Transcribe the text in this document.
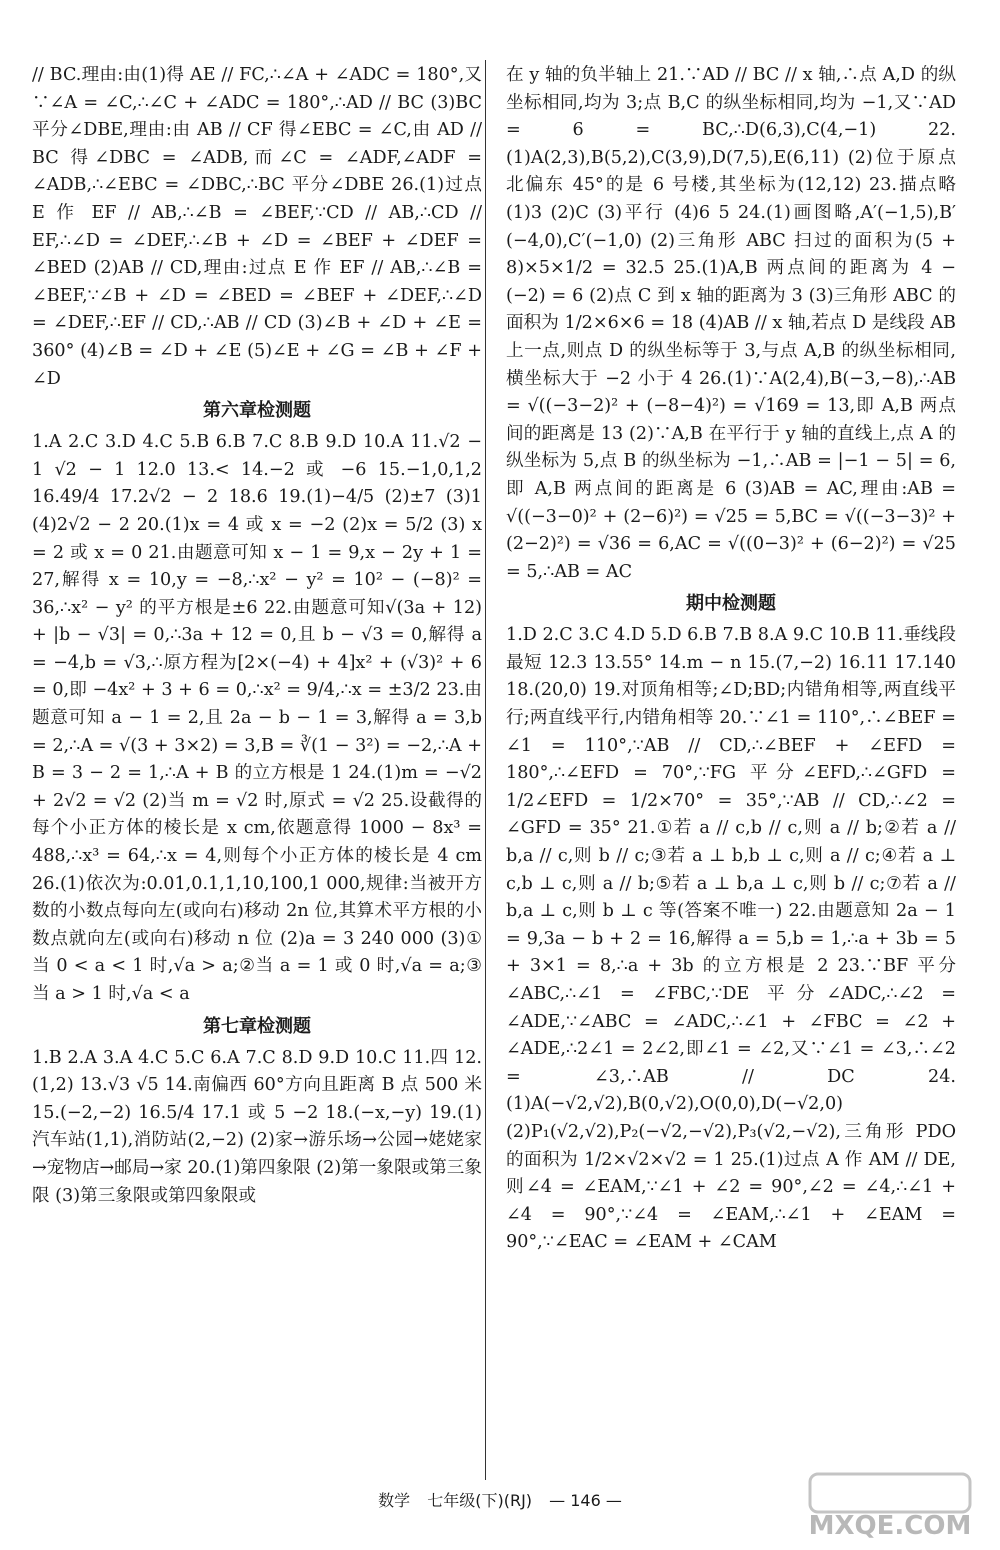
// BC.理由:由(1)得 AE // FC,∴∠A + ∠ADC = 180°,又∵∠A = ∠C,∴∠C + ∠ADC = 180°,∴AD // BC (3)BC 平分∠DBE,理由:由 AB // CF 得∠EBC = ∠C,由 AD // BC 得∠DBC = ∠ADB,而∠C = ∠ADF,∠ADF = ∠ADB,∴∠EBC = ∠DBC,∴BC 平分∠DBE 26.(1)过点 E 作 EF // AB,∴∠B = ∠BEF,∵CD // AB,∴CD // EF,∴∠D = ∠DEF,∴∠B + ∠D = ∠BEF + ∠DEF = ∠BED (2)AB // CD,理由:过点 E 作 EF // AB,∴∠B = ∠BEF,∵∠B + ∠D = ∠BED = ∠BEF + ∠DEF,∴∠D = ∠DEF,∴EF // CD,∴AB // CD (3)∠B + ∠D + ∠E = 360° (4)∠B = ∠D + ∠E (5)∠E + ∠G = ∠B + ∠F + ∠D

第六章检测题

1.A 2.C 3.D 4.C 5.B 6.B 7.C 8.B 9.D 10.A 11.√2 − 1 √2 − 1 12.0 13.< 14.−2 或 −6 15.−1,0,1,2 16.49/4 17.2√2 − 2 18.6 19.(1)−4/5 (2)±7 (3)1 (4)2√2 − 2 20.(1)x = 4 或 x = −2 (2)x = 5/2 (3) x = 2 或 x = 0 21.由题意可知 x − 1 = 9,x − 2y + 1 = 27,解得 x = 10,y = −8,∴x² − y² = 10² − (−8)² = 36,∴x² − y² 的平方根是±6 22.由题意可知√(3a + 12) + |b − √3| = 0,∴3a + 12 = 0,且 b − √3 = 0,解得 a = −4,b = √3,∴原方程为[2×(−4) + 4]x² + (√3)² + 6 = 0,即 −4x² + 3 + 6 = 0,∴x² = 9/4,∴x = ±3/2 23.由题意可知 a − 1 = 2,且 2a − b − 1 = 3,解得 a = 3,b = 2,∴A = √(3 + 3×2) = 3,B = ∛(1 − 3²) = −2,∴A + B = 3 − 2 = 1,∴A + B 的立方根是 1 24.(1)m = −√2 + 2√2 = √2 (2)当 m = √2 时,原式 = √2 25.设截得的每个小正方体的棱长是 x cm,依题意得 1000 − 8x³ = 488,∴x³ = 64,∴x = 4,则每个小正方体的棱长是 4 cm 26.(1)依次为:0.01,0.1,1,10,100,1 000,规律:当被开方数的小数点每向左(或向右)移动 2n 位,其算术平方根的小数点就向左(或向右)移动 n 位 (2)a = 3 240 000 (3)①当 0 < a < 1 时,√a > a;②当 a = 1 或 0 时,√a = a;③当 a > 1 时,√a < a

第七章检测题

1.B 2.A 3.A 4.C 5.C 6.A 7.C 8.D 9.D 10.C 11.四 12.(1,2) 13.√3 √5 14.南偏西 60°方向且距离 B 点 500 米 15.(−2,−2) 16.5/4 17.1 或 5 −2 18.(−x,−y) 19.(1)汽车站(1,1),消防站(2,−2) (2)家→游乐场→公园→姥姥家→宠物店→邮局→家 20.(1)第四象限 (2)第一象限或第三象限 (3)第三象限或第四象限或

在 y 轴的负半轴上 21.∵AD // BC // x 轴,∴点 A,D 的纵坐标相同,均为 3;点 B,C 的纵坐标相同,均为 −1,又∵AD = 6 = BC,∴D(6,3),C(4,−1) 22.(1)A(2,3),B(5,2),C(3,9),D(7,5),E(6,11) (2)位于原点北偏东 45°的是 6 号楼,其坐标为(12,12) 23.描点略 (1)3 (2)C (3)平行 (4)6 5 24.(1)画图略,A′(−1,5),B′(−4,0),C′(−1,0) (2)三角形 ABC 扫过的面积为(5 + 8)×5×1/2 = 32.5 25.(1)A,B 两点间的距离为 4 − (−2) = 6 (2)点 C 到 x 轴的距离为 3 (3)三角形 ABC 的面积为 1/2×6×6 = 18 (4)AB // x 轴,若点 D 是线段 AB 上一点,则点 D 的纵坐标等于 3,与点 A,B 的纵坐标相同,横坐标大于 −2 小于 4 26.(1)∵A(2,4),B(−3,−8),∴AB = √((−3−2)² + (−8−4)²) = √169 = 13,即 A,B 两点间的距离是 13 (2)∵A,B 在平行于 y 轴的直线上,点 A 的纵坐标为 5,点 B 的纵坐标为 −1,∴AB = |−1 − 5| = 6,即 A,B 两点间的距离是 6 (3)AB = AC,理由:AB = √((−3−0)² + (2−6)²) = √25 = 5,BC = √((−3−3)² + (2−2)²) = √36 = 6,AC = √((0−3)² + (6−2)²) = √25 = 5,∴AB = AC

期中检测题

1.D 2.C 3.C 4.D 5.D 6.B 7.B 8.A 9.C 10.B 11.垂线段最短 12.3 13.55° 14.m − n 15.(7,−2) 16.11 17.140 18.(20,0) 19.对顶角相等;∠D;BD;内错角相等,两直线平行;两直线平行,内错角相等 20.∵∠1 = 110°,∴∠BEF = ∠1 = 110°,∵AB // CD,∴∠BEF + ∠EFD = 180°,∴∠EFD = 70°,∵FG 平分∠EFD,∴∠GFD = 1/2∠EFD = 1/2×70° = 35°,∵AB // CD,∴∠2 = ∠GFD = 35° 21.①若 a // c,b // c,则 a // b;②若 a // b,a // c,则 b // c;③若 a ⊥ b,b ⊥ c,则 a // c;④若 a ⊥ c,b ⊥ c,则 a // b;⑤若 a ⊥ b,a ⊥ c,则 b // c;⑦若 a // b,a ⊥ c,则 b ⊥ c 等(答案不唯一) 22.由题意知 2a − 1 = 9,3a − b + 2 = 16,解得 a = 5,b = 1,∴a + 3b = 5 + 3×1 = 8,∴a + 3b 的立方根是 2 23.∵BF 平分∠ABC,∴∠1 = ∠FBC,∵DE 平分∠ADC,∴∠2 = ∠ADE,∵∠ABC = ∠ADC,∴∠1 + ∠FBC = ∠2 + ∠ADE,∴2∠1 = 2∠2,即∠1 = ∠2,又∵∠1 = ∠3,∴∠2 = ∠3,∴AB // DC 24.(1)A(−√2,√2),B(0,√2),O(0,0),D(−√2,0) (2)P₁(√2,√2),P₂(−√2,−√2),P₃(√2,−√2),三角形 PDO 的面积为 1/2×√2×√2 = 1 25.(1)过点 A 作 AM // DE,则∠4 = ∠EAM,∵∠1 + ∠2 = 90°,∠2 = ∠4,∴∠1 + ∠4 = 90°,∵∠4 = ∠EAM,∴∠1 + ∠EAM = 90°,∵∠EAC = ∠EAM + ∠CAM

数学 七年级(下)(RJ) — 146 —
MXQE.COM
